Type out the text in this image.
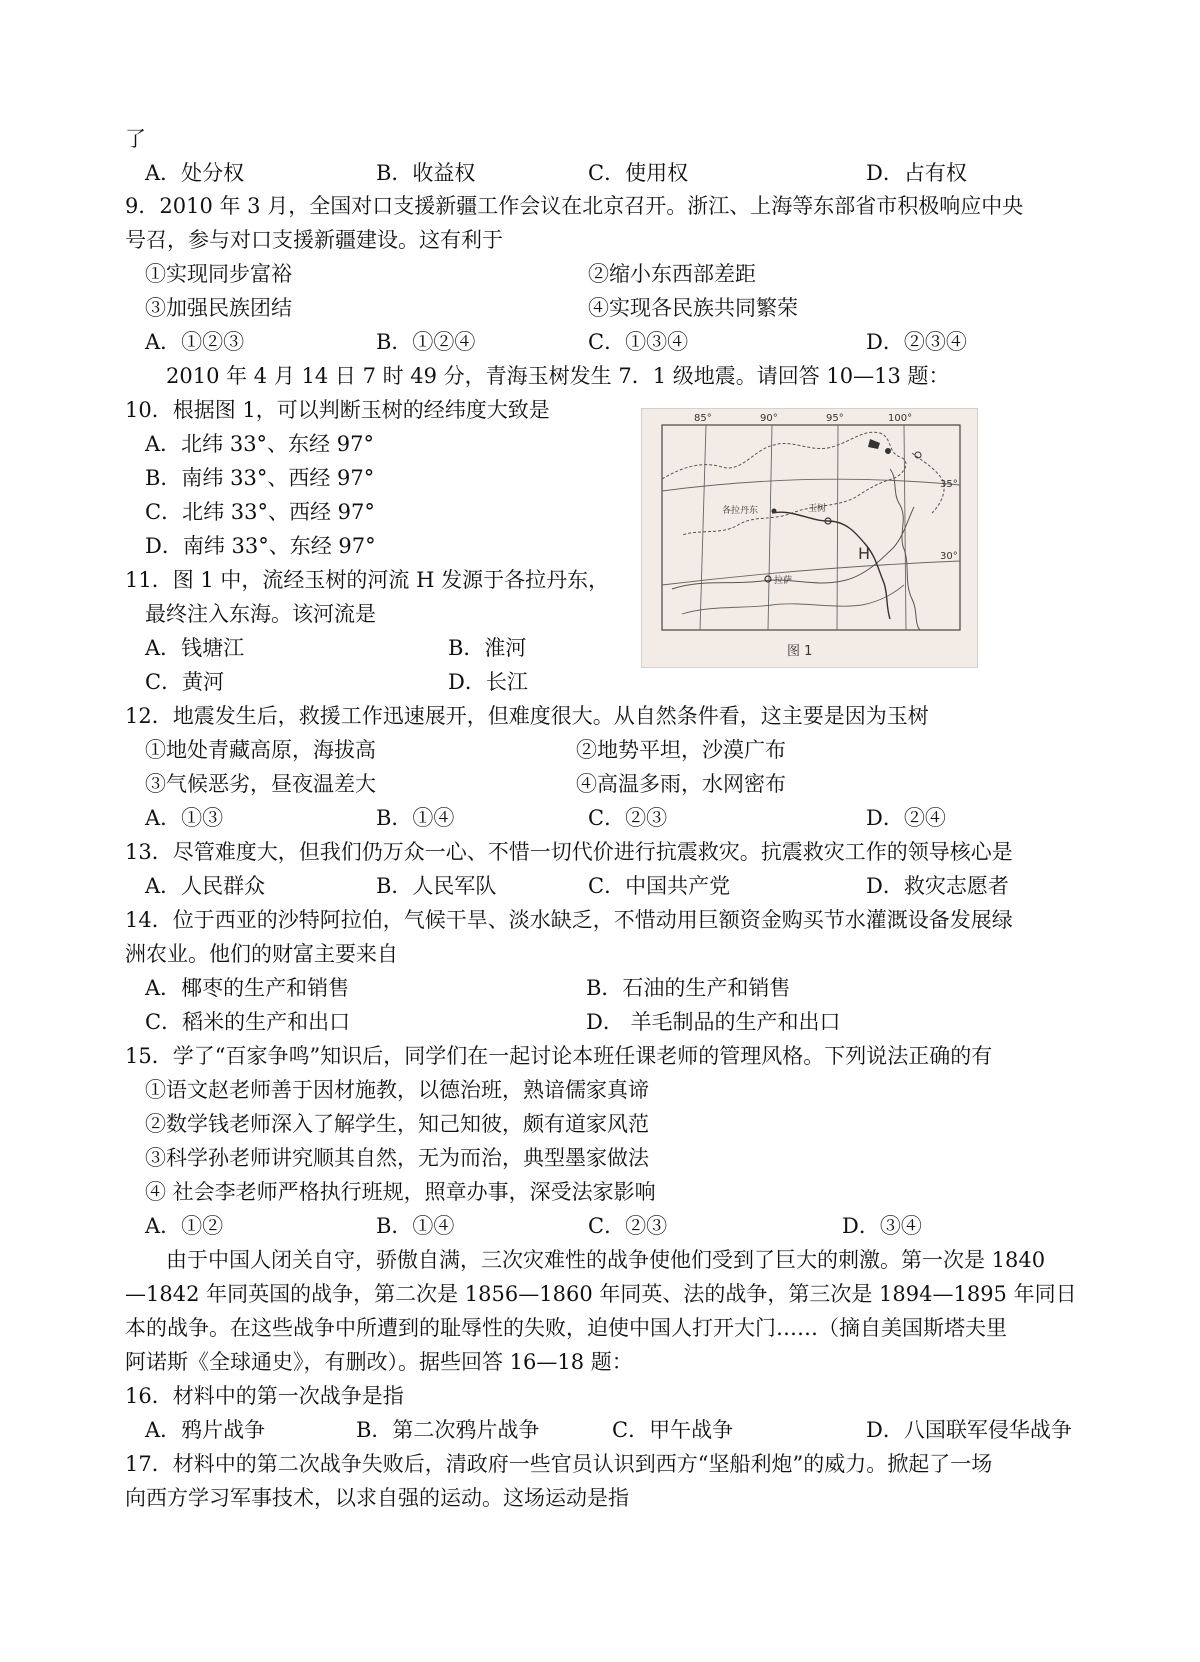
了
A．处分权	B．收益权	C．使用权	D．占有权
9．2010 年 3 月，全国对口支援新疆工作会议在北京召开。浙江、上海等东部省市积极响应中央
号召，参与对口支援新疆建设。这有利于
①实现同步富裕	②缩小东西部差距
③加强民族团结	④实现各民族共同繁荣
A．①②③	B．①②④	C．①③④	D．②③④
2010 年 4 月 14 日 7 时 49 分，青海玉树发生 7．1 级地震。请回答 10—13 题：
10．根据图 1，可以判断玉树的经纬度大致是
A．北纬 33°、东经 97°
B．南纬 33°、西经 97°
C．北纬 33°、西经 97°
D．南纬 33°、东经 97°
11．图 1 中，流经玉树的河流 H 发源于各拉丹东，
最终注入东海。该河流是
A．钱塘江	B．淮河
C．黄河	D．长江
85°	90°	95°	100°
35°
30°
各拉丹东	玉树
拉萨
H
图 1
12．地震发生后，救援工作迅速展开，但难度很大。从自然条件看，这主要是因为玉树
①地处青藏高原，海拔高	②地势平坦，沙漠广布
③气候恶劣，昼夜温差大	④高温多雨，水网密布
A．①③	B．①④	C．②③	D．②④
13．尽管难度大，但我们仍万众一心、不惜一切代价进行抗震救灾。抗震救灾工作的领导核心是
A．人民群众	B．人民军队	C．中国共产党	D．救灾志愿者
14．位于西亚的沙特阿拉伯，气候干旱、淡水缺乏，不惜动用巨额资金购买节水灌溉设备发展绿
洲农业。他们的财富主要来自
A．椰枣的生产和销售	B．石油的生产和销售
C．稻米的生产和出口	D． 羊毛制品的生产和出口
15．学了“百家争鸣”知识后，同学们在一起讨论本班任课老师的管理风格。下列说法正确的有
①语文赵老师善于因材施教，以德治班，熟谙儒家真谛
②数学钱老师深入了解学生，知己知彼，颇有道家风范
③科学孙老师讲究顺其自然，无为而治，典型墨家做法
④ 社会李老师严格执行班规，照章办事，深受法家影响
A．①②	B．①④	C．②③	D．③④
由于中国人闭关自守，骄傲自满，三次灾难性的战争使他们受到了巨大的刺激。第一次是 1840
—1842 年同英国的战争，第二次是 1856—1860 年同英、法的战争，第三次是 1894—1895 年同日
本的战争。在这些战争中所遭到的耻辱性的失败，迫使中国人打开大门……（摘自美国斯塔夫里
阿诺斯《全球通史》，有删改）。据些回答 16—18 题：
16．材料中的第一次战争是指
A．鸦片战争	B．第二次鸦片战争	C．甲午战争	D．八国联军侵华战争
17．材料中的第二次战争失败后，清政府一些官员认识到西方“坚船利炮”的威力。掀起了一场
向西方学习军事技术，以求自强的运动。这场运动是指
